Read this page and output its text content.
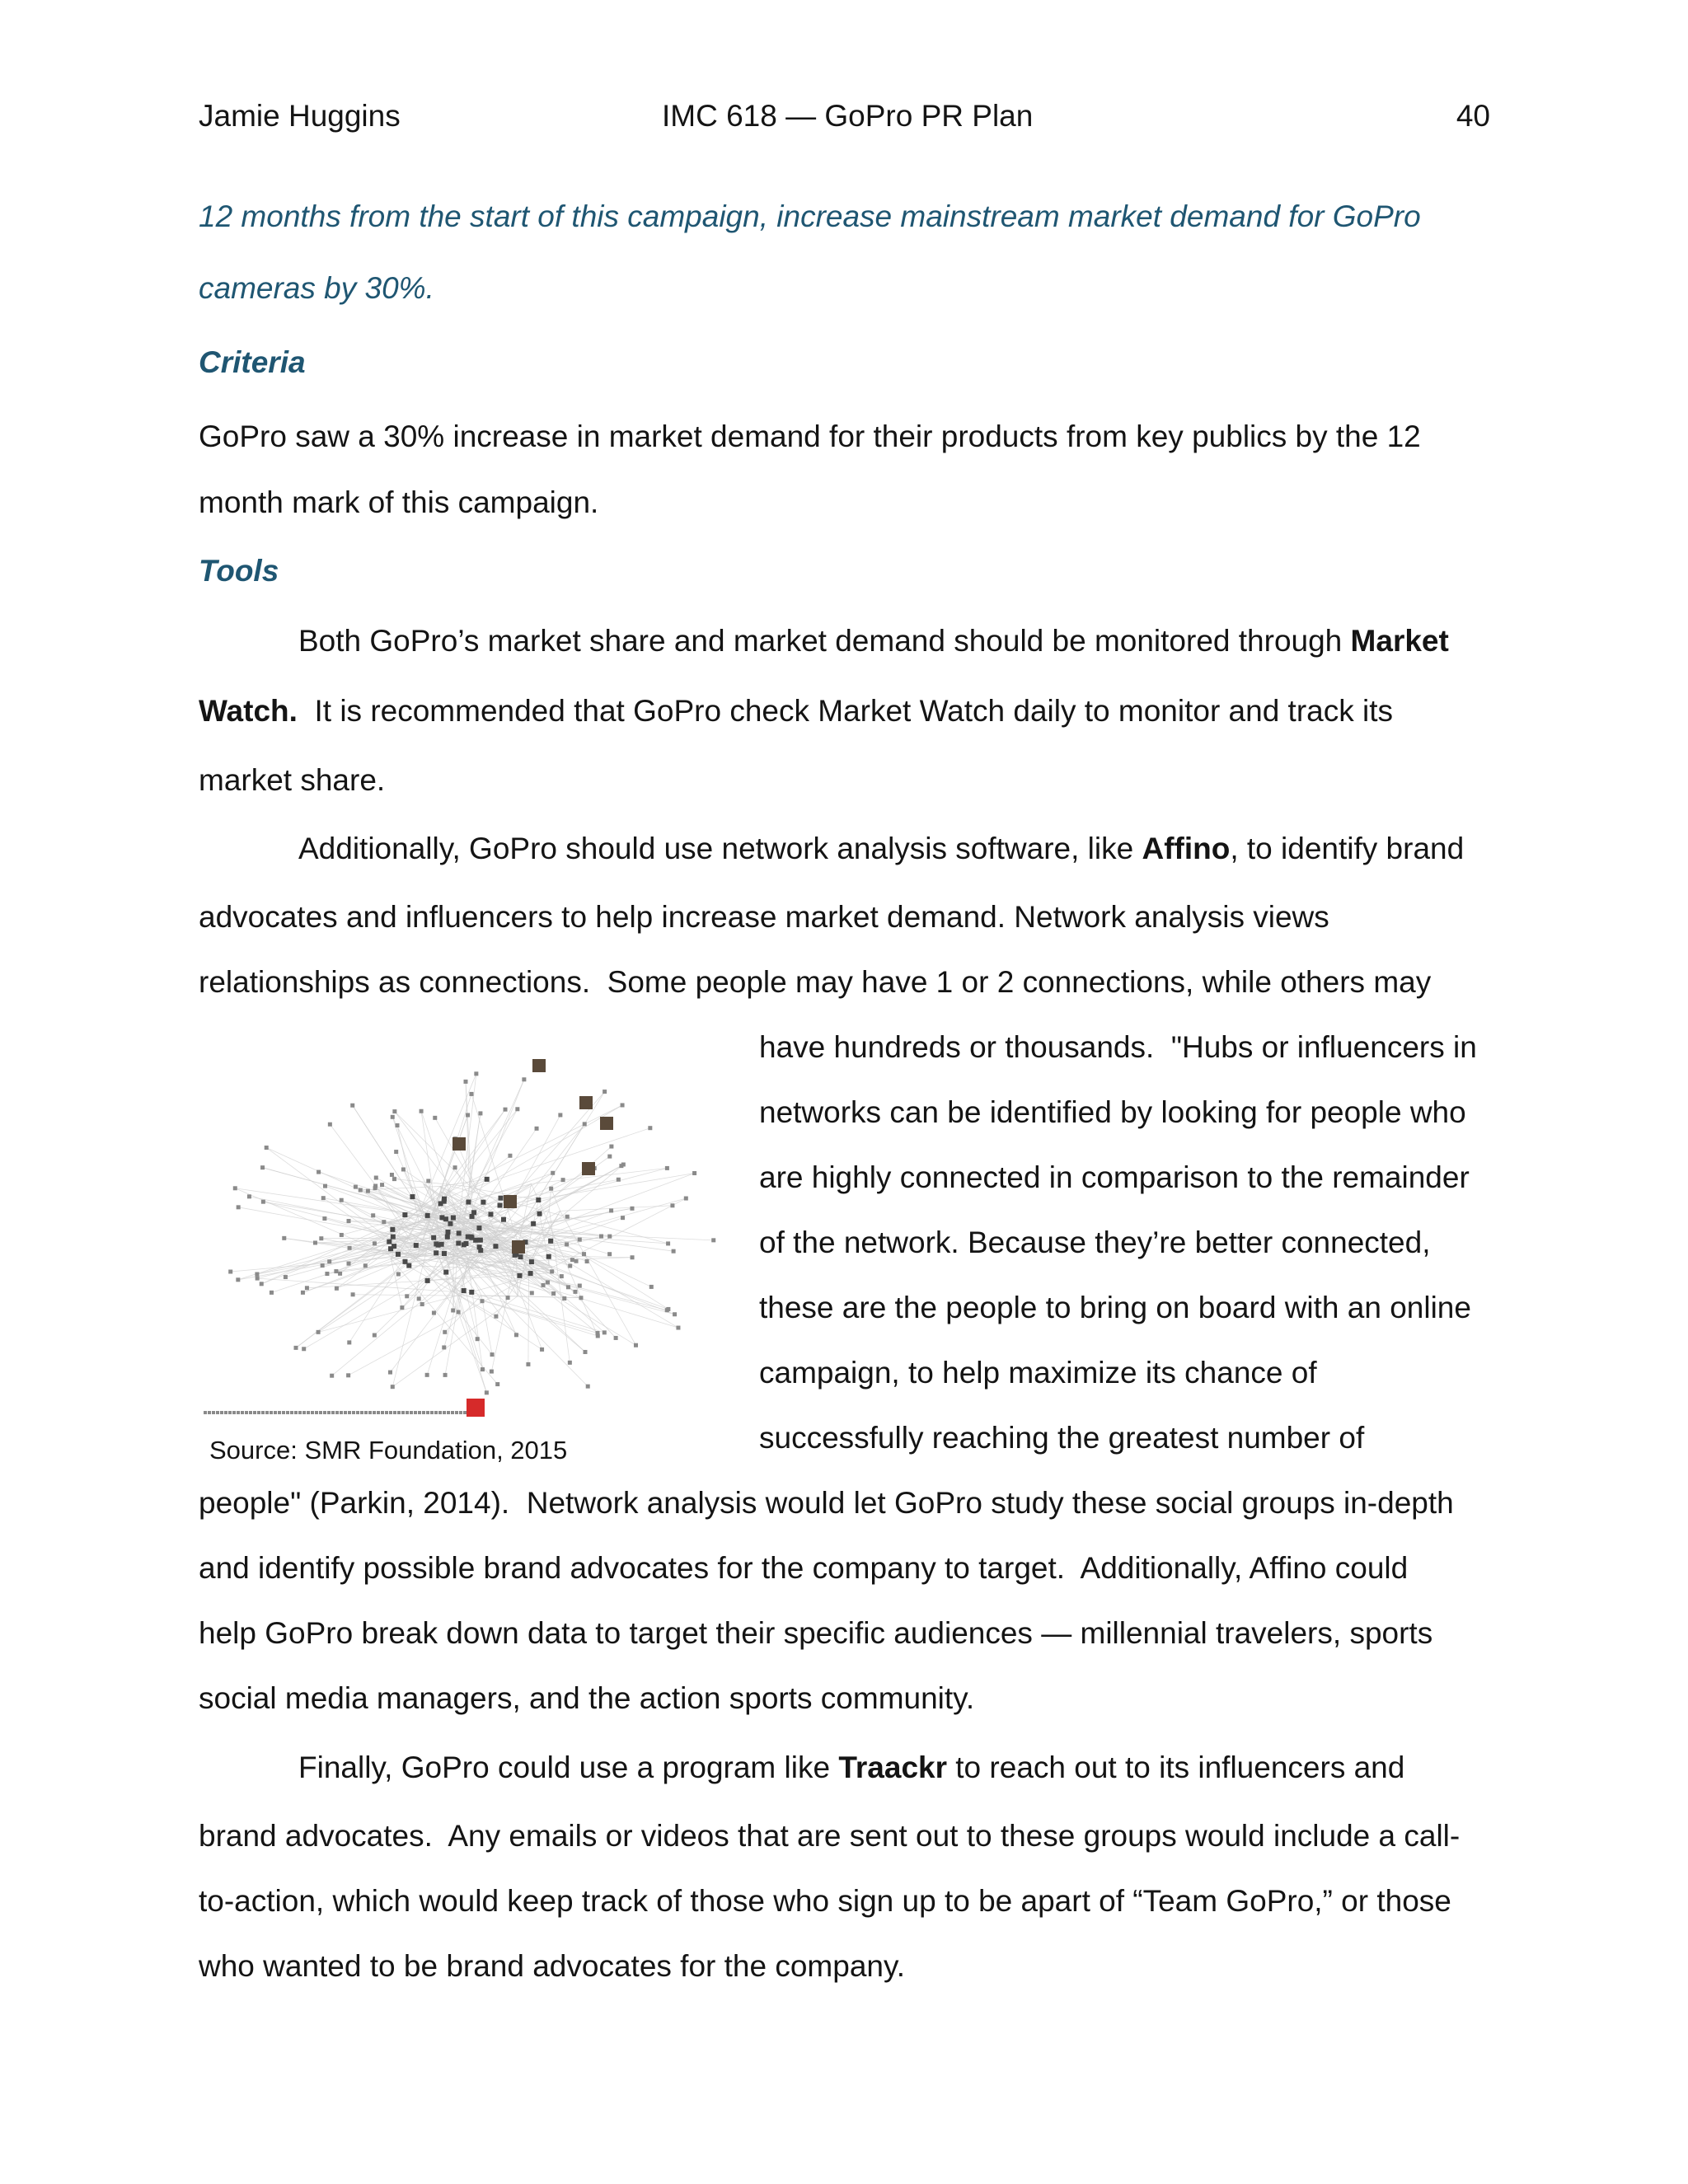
Jamie Huggins	IMC 618 — GoPro PR Plan	40
12 months from the start of this campaign, increase mainstream market demand for GoPro
cameras by 30%.
Criteria
GoPro saw a 30% increase in market demand for their products from key publics by the 12
month mark of this campaign.
Tools
Both GoPro’s market share and market demand should be monitored through Market
Watch.  It is recommended that GoPro check Market Watch daily to monitor and track its
market share.
Additionally, GoPro should use network analysis software, like Affino, to identify brand
advocates and influencers to help increase market demand. Network analysis views
relationships as connections.  Some people may have 1 or 2 connections, while others may
have hundreds or thousands.  "Hubs or influencers in
networks can be identified by looking for people who
are highly connected in comparison to the remainder
of the network. Because they’re better connected,
these are the people to bring on board with an online
campaign, to help maximize its chance of
successfully reaching the greatest number of
Source: SMR Foundation, 2015
people" (Parkin, 2014).  Network analysis would let GoPro study these social groups in-depth
and identify possible brand advocates for the company to target.  Additionally, Affino could
help GoPro break down data to target their specific audiences — millennial travelers, sports
social media managers, and the action sports community.
Finally, GoPro could use a program like Traackr to reach out to its influencers and
brand advocates.  Any emails or videos that are sent out to these groups would include a call-
to-action, which would keep track of those who sign up to be apart of “Team GoPro,” or those
who wanted to be brand advocates for the company.
